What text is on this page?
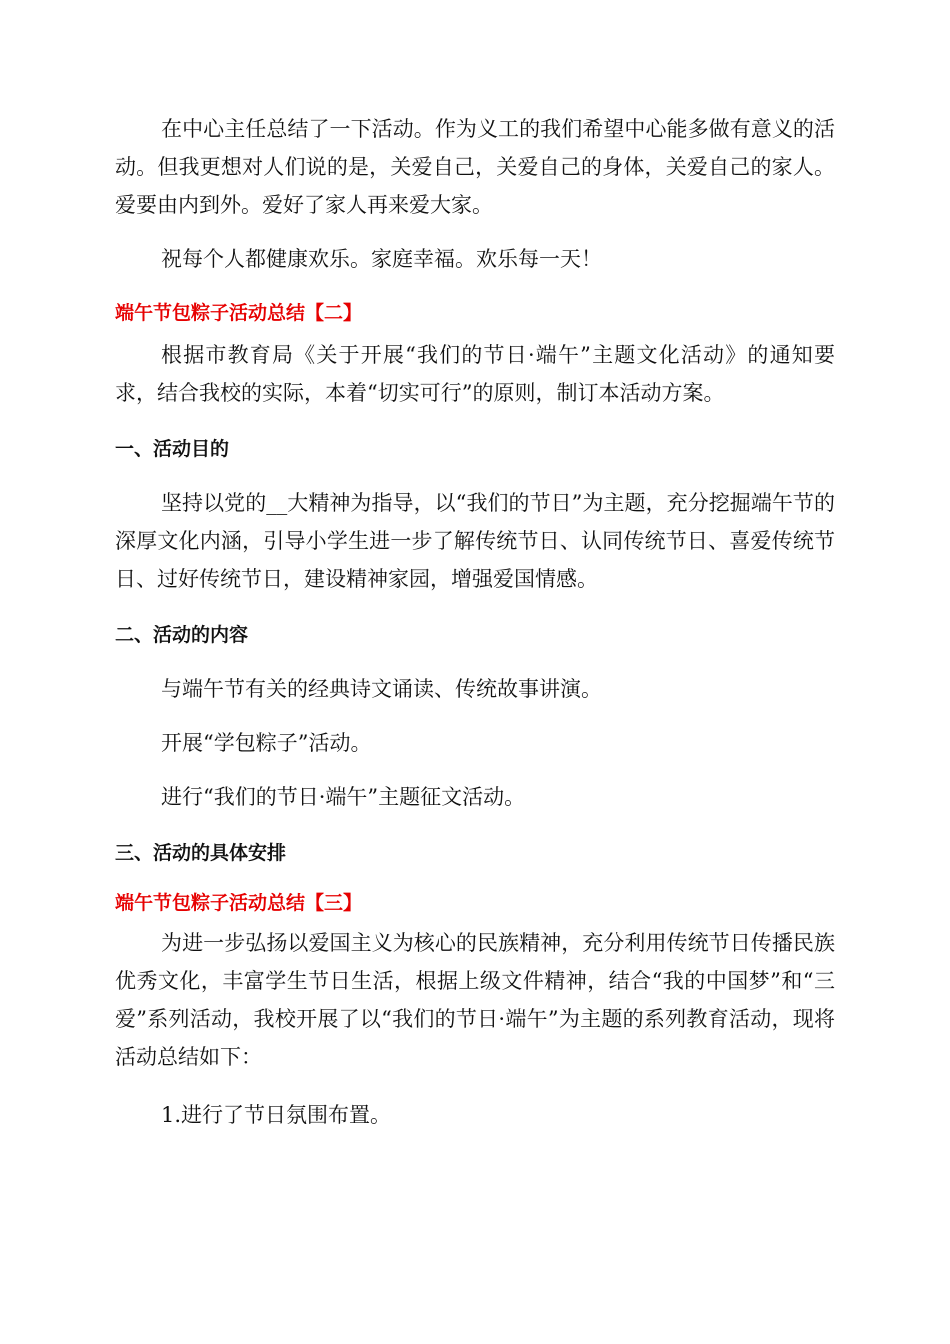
在中心主任总结了一下活动。作为义工的我们希望中心能多做有意义的活动。但我更想对人们说的是，关爱自己，关爱自己的身体，关爱自己的家人。爱要由内到外。爱好了家人再来爱大家。

祝每个人都健康欢乐。家庭幸福。欢乐每一天！

端午节包粽子活动总结【二】

根据市教育局《关于开展“我们的节日·端午”主题文化活动》的通知要求，结合我校的实际，本着“切实可行”的原则，制订本活动方案。

一、活动目的

坚持以党的__大精神为指导，以“我们的节日”为主题，充分挖掘端午节的深厚文化内涵，引导小学生进一步了解传统节日、认同传统节日、喜爱传统节日、过好传统节日，建设精神家园，增强爱国情感。

二、活动的内容

与端午节有关的经典诗文诵读、传统故事讲演。

开展“学包粽子”活动。

进行“我们的节日·端午”主题征文活动。

三、活动的具体安排
端午节包粽子活动总结【三】

为进一步弘扬以爱国主义为核心的民族精神，充分利用传统节日传播民族优秀文化，丰富学生节日生活，根据上级文件精神，结合“我的中国梦”和“三爱”系列活动，我校开展了以“我们的节日·端午”为主题的系列教育活动，现将活动总结如下：

1.进行了节日氛围布置。
